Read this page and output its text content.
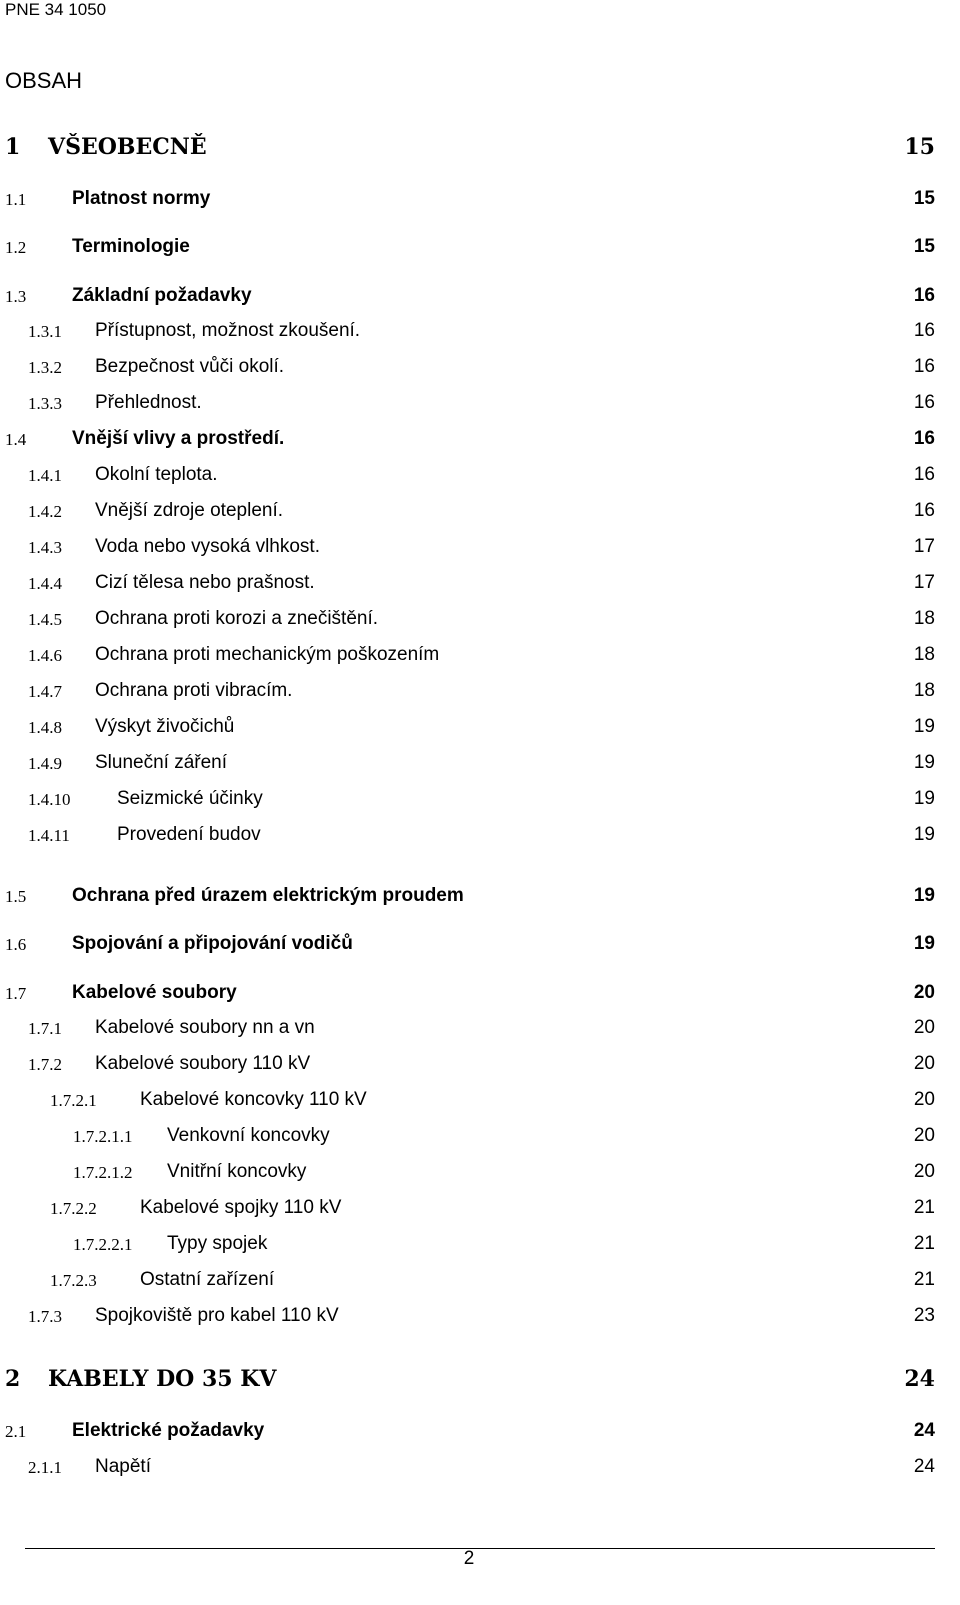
PNE 34 1050
OBSAH
1 VŠEOBECNĚ	15
1.1 Platnost normy	15
1.2 Terminologie	15
1.3 Základní požadavky	16
1.3.1 Přístupnost, možnost zkoušení.	16
1.3.2 Bezpečnost vůči okolí.	16
1.3.3 Přehlednost.	16
1.4 Vnější vlivy a prostředí.	16
1.4.1 Okolní teplota.	16
1.4.2 Vnější zdroje oteplení.	16
1.4.3 Voda nebo vysoká vlhkost.	17
1.4.4 Cizí tělesa nebo prašnost.	17
1.4.5 Ochrana proti korozi a znečištění.	18
1.4.6 Ochrana proti mechanickým poškozením	18
1.4.7 Ochrana proti vibracím.	18
1.4.8 Výskyt živočichů	19
1.4.9 Sluneční záření	19
1.4.10 Seizmické účinky	19
1.4.11 Provedení budov	19
1.5 Ochrana před úrazem elektrickým proudem	19
1.6 Spojování a připojování vodičů	19
1.7 Kabelové soubory	20
1.7.1 Kabelové soubory nn a vn	20
1.7.2 Kabelové soubory 110 kV	20
1.7.2.1 Kabelové koncovky 110 kV	20
1.7.2.1.1 Venkovní koncovky	20
1.7.2.1.2 Vnitřní koncovky	20
1.7.2.2 Kabelové spojky 110 kV	21
1.7.2.2.1 Typy spojek	21
1.7.2.3 Ostatní zařízení	21
1.7.3 Spojkoviště pro kabel 110 kV	23
2 KABELY DO 35 KV	24
2.1 Elektrické požadavky	24
2.1.1 Napětí	24
2
